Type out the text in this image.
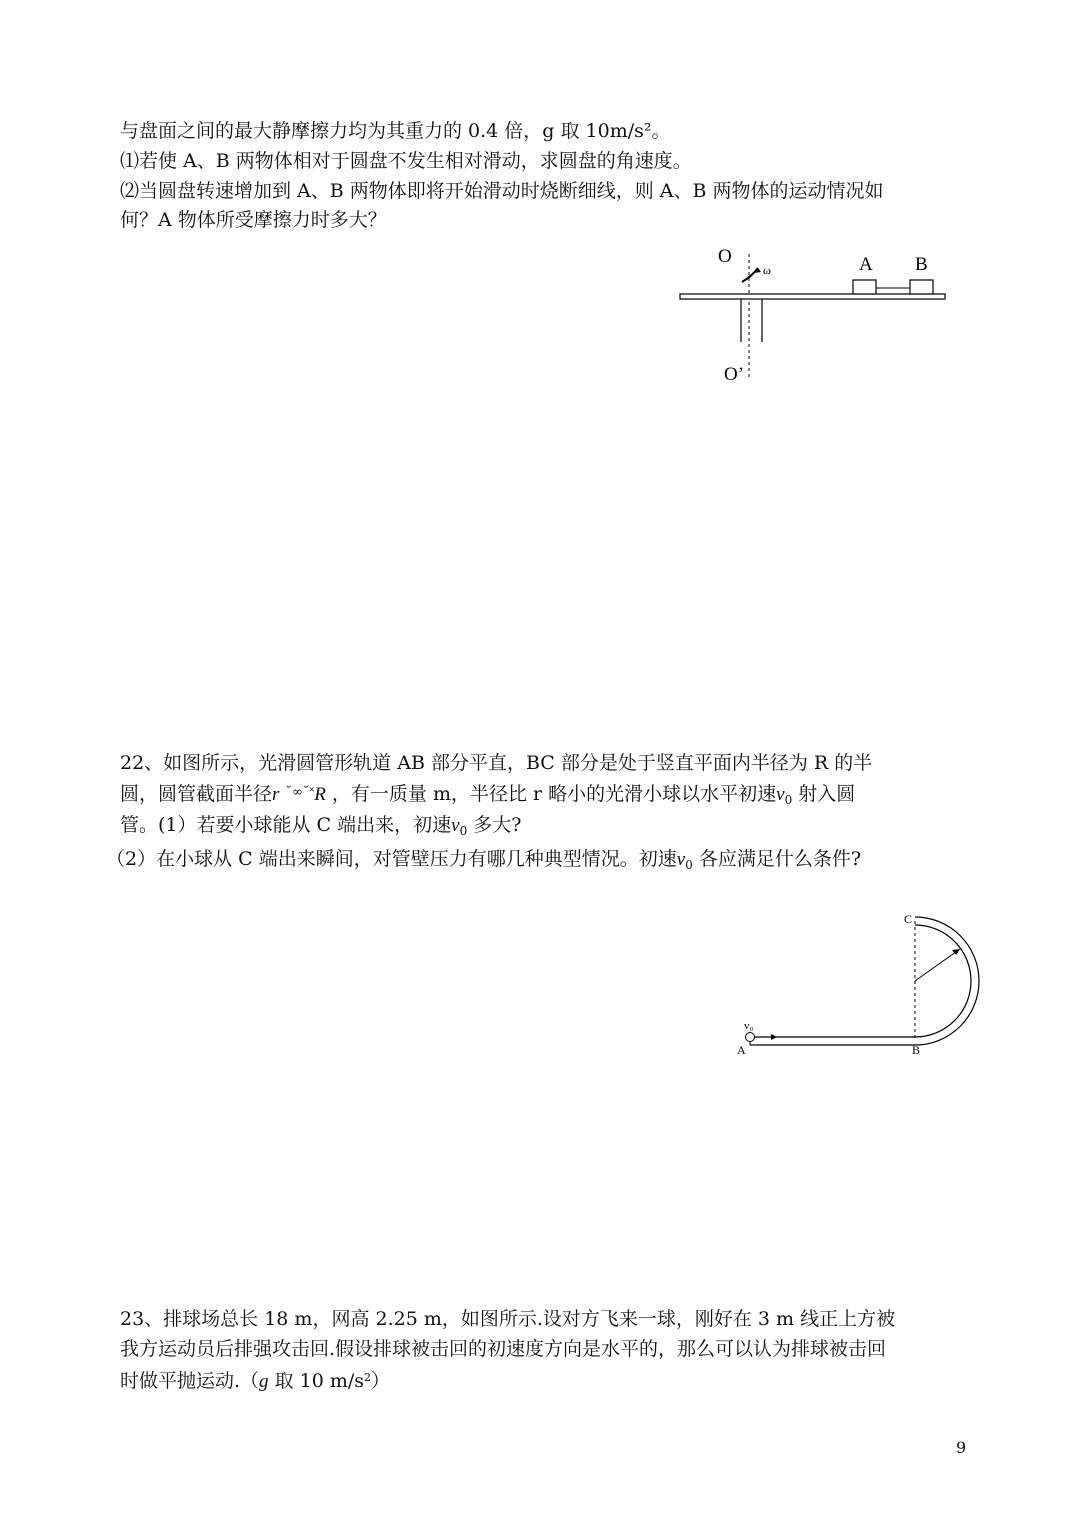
与盘面之间的最大静摩擦力均为其重力的 0.4 倍，g 取 10m/s²。
⑴若使 A、B 两物体相对于圆盘不发生相对滑动，求圆盘的角速度。
⑵当圆盘转速增加到 A、B 两物体即将开始滑动时烧断细线，则 A、B 两物体的运动情况如
何？A 物体所受摩擦力时多大？
O
ω	A B
O’
22、如图所示，光滑圆管形轨道 AB 部分平直，BC 部分是处于竖直平面内半径为 R 的半
圆，圆管截面半径r ˘∞˘˟R ，有一质量 m，半径比 r 略小的光滑小球以水平初速$v_0$ 射入圆
管。(1）若要小球能从 C 端出来，初速$v_0$ 多大?
（2）在小球从 C 端出来瞬间，对管壁压力有哪几种典型情况。初速$v_0$ 各应满足什么条件?
C
v₀
A	B
23、排球场总长 18 m，网高 2.25 m，如图所示.设对方飞来一球，刚好在 3 m 线正上方被
我方运动员后排强攻击回.假设排球被击回的初速度方向是水平的，那么可以认为排球被击回
时做平抛运动.（g 取 10 $m/s^2$）
9
